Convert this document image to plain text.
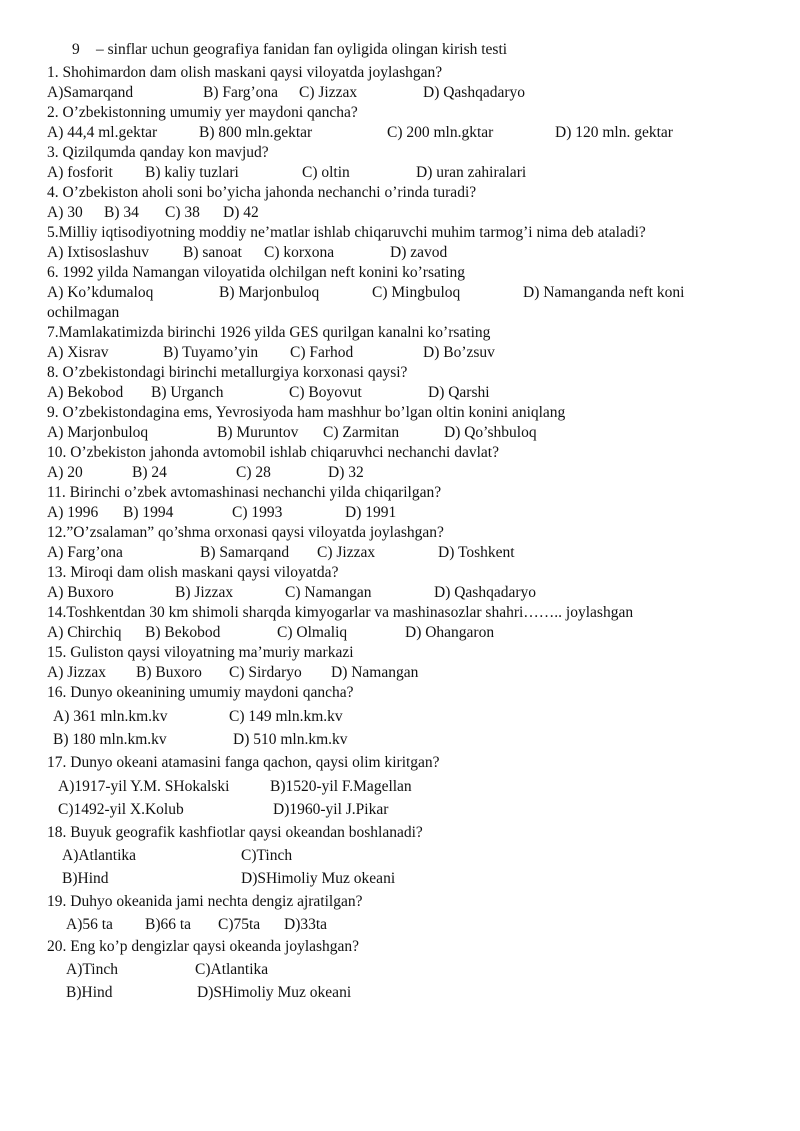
9 – sinflar uchun geografiya fanidan fan oyligida olingan kirish testi
1. Shohimardon dam olish maskani qaysi viloyatda joylashgan?
A)Samarqand	B) Farg’ona C) Jizzax	D) Qashqadaryo
2. O’zbekistonning umumiy yer maydoni qancha?
A) 44,4 ml.gektar	B) 800 mln.gektar	C) 200 mln.gktar	D) 120 mln. gektar
3. Qizilqumda qanday kon mavjud?
A) fosforit B) kaliy tuzlari	C) oltin	D) uran zahiralari
4. O’zbekiston aholi soni bo’yicha jahonda nechanchi o’rinda turadi?
A) 30 B) 34 C) 38 D) 42
5.Milliy iqtisodiyotning moddiy ne’matlar ishlab chiqaruvchi muhim tarmog’i nima deb ataladi?
A) Ixtisoslashuv B) sanoat C) korxona	D) zavod
6. 1992 yilda Namangan viloyatida olchilgan neft konini ko’rsating
A) Ko’kdumaloq	B) Marjonbuloq	C) Mingbuloq	D) Namanganda neft koni
ochilmagan
7.Mamlakatimizda birinchi 1926 yilda GES qurilgan kanalni ko’rsating
A) Xisrav	B) Tuyamo’yin C) Farhod	D) Bo’zsuv
8. O’zbekistondagi birinchi metallurgiya korxonasi qaysi?
A) Bekobod B) Urganch	C) Boyovut	D) Qarshi
9. O’zbekistondagina ems, Yevrosiyoda ham mashhur bo’lgan oltin konini aniqlang
A) Marjonbuloq	B) Muruntov C) Zarmitan	D) Qo’shbuloq
10. O’zbekiston jahonda avtomobil ishlab chiqaruvhci nechanchi davlat?
A) 20	B) 24	C) 28	D) 32
11. Birinchi o’zbek avtomashinasi nechanchi yilda chiqarilgan?
A) 1996 B) 1994	C) 1993	D) 1991
12.”O’zsalaman” qo’shma orxonasi qaysi viloyatda joylashgan?
A) Farg’ona	B) Samarqand C) Jizzax	D) Toshkent
13. Miroqi dam olish maskani qaysi viloyatda?
A) Buxoro	B) Jizzax	C) Namangan	D) Qashqadaryo
14.Toshkentdan 30 km shimoli sharqda kimyogarlar va mashinasozlar shahri…….. joylashgan
A) Chirchiq B) Bekobod	C) Olmaliq	D) Ohangaron
15. Guliston qaysi viloyatning ma’muriy markazi
A) Jizzax B) Buxoro C) Sirdaryo D) Namangan
16. Dunyo okeanining umumiy maydoni qancha?
A) 361 mln.km.kv	C) 149 mln.km.kv
B) 180 mln.km.kv	D) 510 mln.km.kv
17. Dunyo okeani atamasini fanga qachon, qaysi olim kiritgan?
A)1917-yil Y.M. SHokalski	B)1520-yil F.Magellan
C)1492-yil X.Kolub	D)1960-yil J.Pikar
18. Buyuk geografik kashfiotlar qaysi okeandan boshlanadi?
A)Atlantika	C)Tinch
B)Hind	D)SHimoliy Muz okeani
19. Duhyo okeanida jami nechta dengiz ajratilgan?
A)56 ta B)66 ta C)75ta D)33ta
20. Eng ko’p dengizlar qaysi okeanda joylashgan?
A)Tinch	C)Atlantika
B)Hind	D)SHimoliy Muz okeani
